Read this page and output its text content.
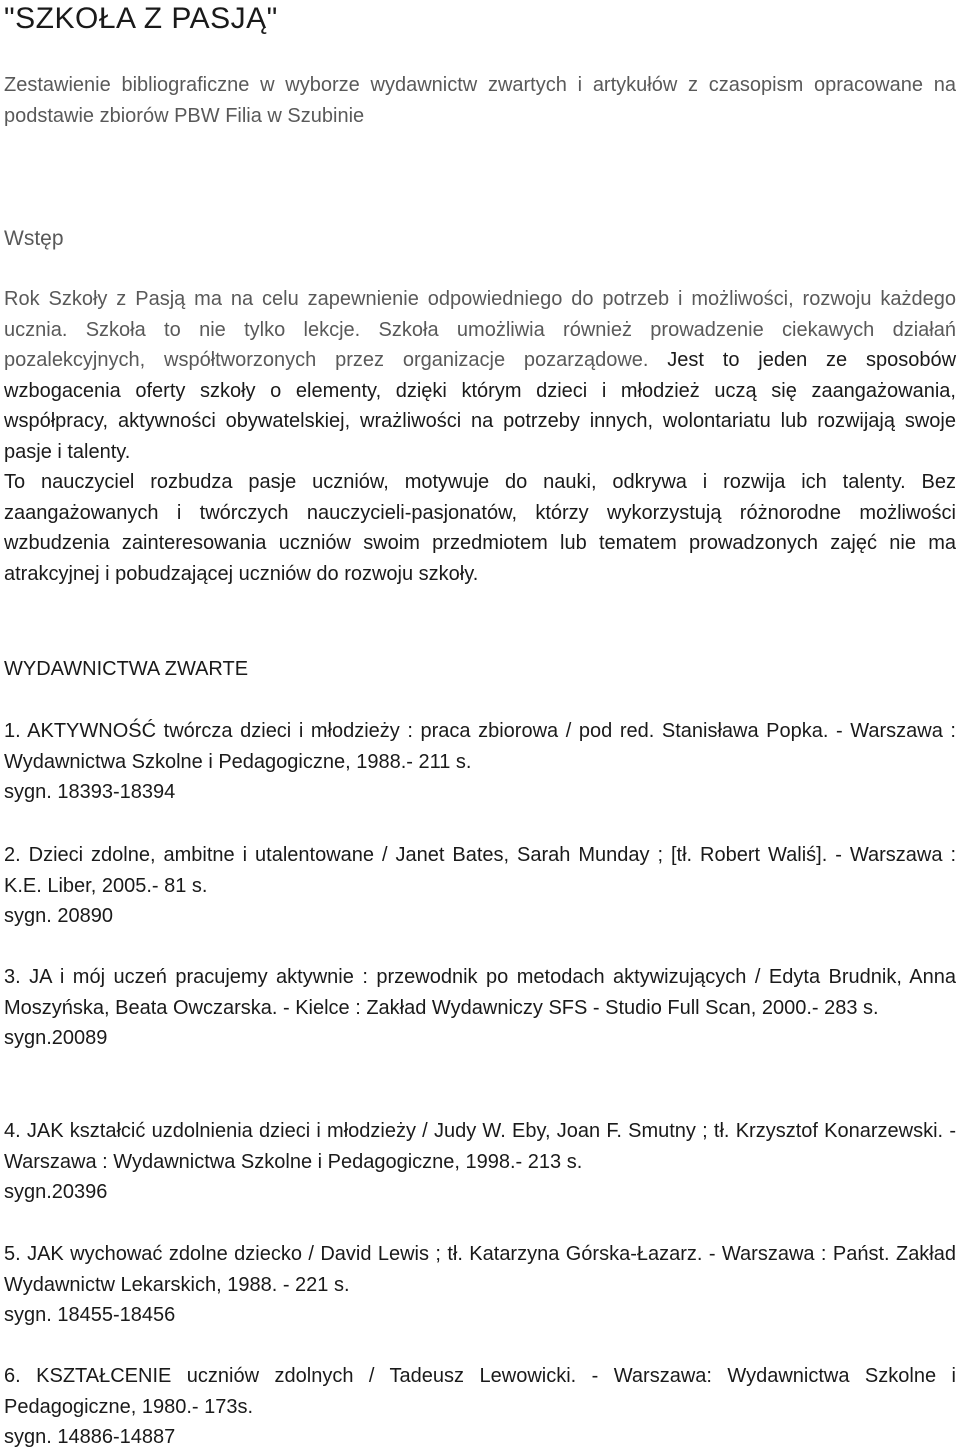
"SZKOŁA Z PASJĄ"

Zestawienie bibliograficzne w wyborze wydawnictw zwartych i artykułów z czasopism opracowane na podstawie zbiorów PBW Filia w Szubinie

Wstęp

Rok Szkoły z Pasją ma na celu zapewnienie odpowiedniego do potrzeb i możliwości, rozwoju każdego ucznia. Szkoła to nie tylko lekcje. Szkoła umożliwia również prowadzenie ciekawych działań pozalekcyjnych, współtworzonych przez organizacje pozarządowe. Jest to jeden ze sposobów wzbogacenia oferty szkoły o elementy, dzięki którym dzieci i młodzież uczą się zaangażowania, współpracy, aktywności obywatelskiej, wrażliwości na potrzeby innych, wolontariatu lub rozwijają swoje pasje i talenty.
To nauczyciel rozbudza pasje uczniów, motywuje do nauki, odkrywa i rozwija ich talenty. Bez zaangażowanych i twórczych nauczycieli-pasjonatów, którzy wykorzystują różnorodne możliwości wzbudzenia zainteresowania uczniów swoim przedmiotem lub tematem prowadzonych zajęć nie ma atrakcyjnej i pobudzającej uczniów do rozwoju szkoły.

WYDAWNICTWA ZWARTE

1. AKTYWNOŚĆ twórcza dzieci i młodzieży : praca zbiorowa / pod red. Stanisława Popka. - Warszawa : Wydawnictwa Szkolne i Pedagogiczne, 1988.- 211 s.

sygn. 18393-18394

2. Dzieci zdolne, ambitne i utalentowane / Janet Bates, Sarah Munday ; [tł. Robert Waliś]. - Warszawa : K.E. Liber, 2005.- 81 s.

sygn. 20890

3. JA i mój uczeń pracujemy aktywnie : przewodnik po metodach aktywizujących / Edyta Brudnik, Anna Moszyńska, Beata Owczarska. - Kielce : Zakład Wydawniczy SFS - Studio Full Scan, 2000.- 283 s.

sygn.20089

4. JAK kształcić uzdolnienia dzieci i młodzieży / Judy W. Eby, Joan F. Smutny ; tł. Krzysztof Konarzewski. - Warszawa : Wydawnictwa Szkolne i Pedagogiczne, 1998.- 213 s.

sygn.20396

5. JAK wychować zdolne dziecko / David Lewis ; tł. Katarzyna Górska-Łazarz. - Warszawa : Państ. Zakład Wydawnictw Lekarskich, 1988. - 221 s.

sygn. 18455-18456

6. KSZTAŁCENIE uczniów zdolnych / Tadeusz Lewowicki. - Warszawa: Wydawnictwa Szkolne i Pedagogiczne, 1980.- 173s.

sygn. 14886-14887
